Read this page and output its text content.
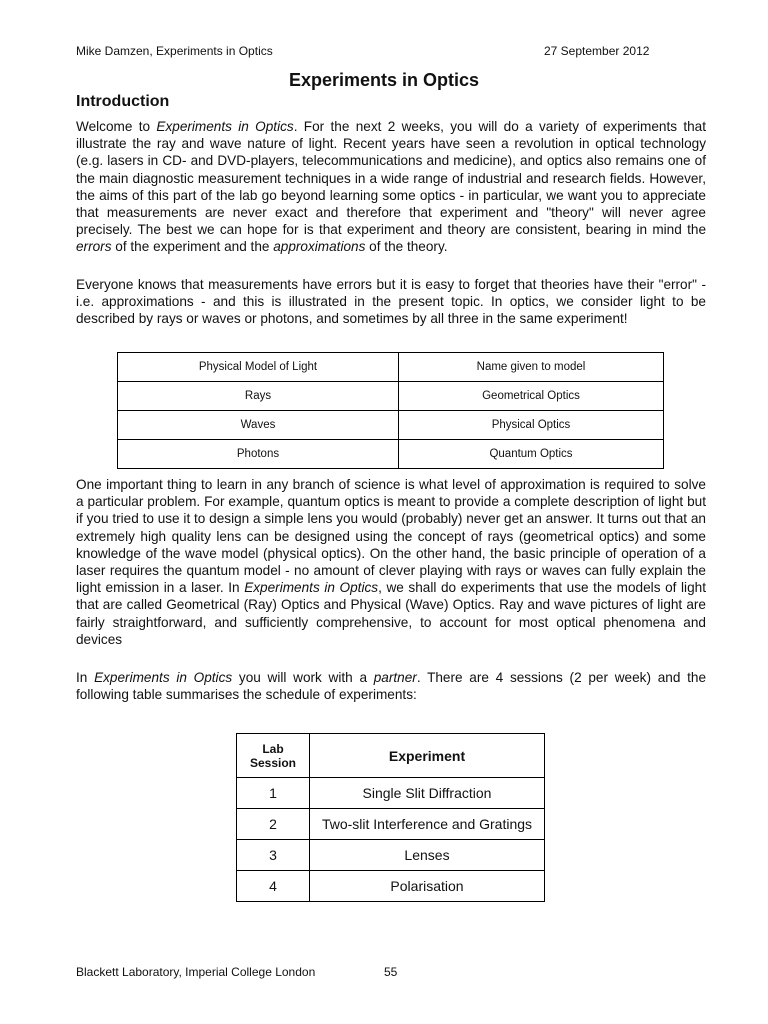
Mike Damzen, Experiments in Optics	27 September 2012
Experiments in Optics
Introduction

Welcome to Experiments in Optics. For the next 2 weeks, you will do a variety of experiments that illustrate the ray and wave nature of light. Recent years have seen a revolution in optical technology (e.g. lasers in CD- and DVD-players, telecommunications and medicine), and optics also remains one of the main diagnostic measurement techniques in a wide range of industrial and research fields. However, the aims of this part of the lab go beyond learning some optics - in particular, we want you to appreciate that measurements are never exact and therefore that experiment and "theory" will never agree precisely. The best we can hope for is that experiment and theory are consistent, bearing in mind the errors of the experiment and the approximations of the theory.

Everyone knows that measurements have errors but it is easy to forget that theories have their "error" - i.e. approximations - and this is illustrated in the present topic. In optics, we consider light to be described by rays or waves or photons, and sometimes by all three in the same experiment!

Physical Model of Light	Name given to model
Rays	Geometrical Optics
Waves	Physical Optics
Photons	Quantum Optics

One important thing to learn in any branch of science is what level of approximation is required to solve a particular problem. For example, quantum optics is meant to provide a complete description of light but if you tried to use it to design a simple lens you would (probably) never get an answer. It turns out that an extremely high quality lens can be designed using the concept of rays (geometrical optics) and some knowledge of the wave model (physical optics). On the other hand, the basic principle of operation of a laser requires the quantum model - no amount of clever playing with rays or waves can fully explain the light emission in a laser. In Experiments in Optics, we shall do experiments that use the models of light that are called Geometrical (Ray) Optics and Physical (Wave) Optics. Ray and wave pictures of light are fairly straightforward, and sufficiently comprehensive, to account for most optical phenomena and devices

In Experiments in Optics you will work with a partner. There are 4 sessions (2 per week) and the following table summarises the schedule of experiments:

Lab
Session	Experiment
1	Single Slit Diffraction
2	Two-slit Interference and Gratings
3	Lenses
4	Polarisation
Blackett Laboratory, Imperial College London	55
